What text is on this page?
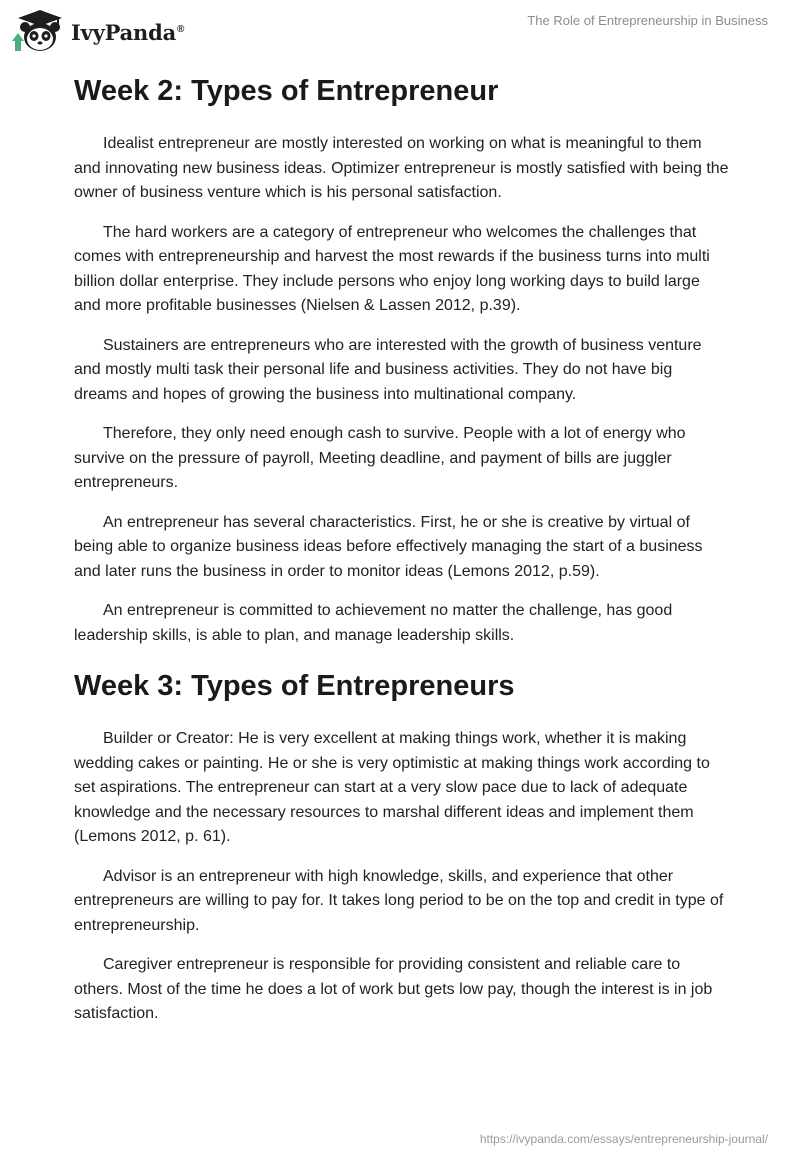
IvyPanda®
The Role of Entrepreneurship in Business
Week 2: Types of Entrepreneur

Idealist entrepreneur are mostly interested on working on what is meaningful to them and innovating new business ideas. Optimizer entrepreneur is mostly satisfied with being the owner of business venture which is his personal satisfaction.

The hard workers are a category of entrepreneur who welcomes the challenges that comes with entrepreneurship and harvest the most rewards if the business turns into multi billion dollar enterprise. They include persons who enjoy long working days to build large and more profitable businesses (Nielsen & Lassen 2012, p.39).

Sustainers are entrepreneurs who are interested with the growth of business venture and mostly multi task their personal life and business activities. They do not have big dreams and hopes of growing the business into multinational company.

Therefore, they only need enough cash to survive. People with a lot of energy who survive on the pressure of payroll, Meeting deadline, and payment of bills are juggler entrepreneurs.

An entrepreneur has several characteristics. First, he or she is creative by virtual of being able to organize business ideas before effectively managing the start of a business and later runs the business in order to monitor ideas (Lemons 2012, p.59).

An entrepreneur is committed to achievement no matter the challenge, has good leadership skills, is able to plan, and manage leadership skills.

Week 3: Types of Entrepreneurs

Builder or Creator: He is very excellent at making things work, whether it is making wedding cakes or painting. He or she is very optimistic at making things work according to set aspirations. The entrepreneur can start at a very slow pace due to lack of adequate knowledge and the necessary resources to marshal different ideas and implement them (Lemons 2012, p. 61).

Advisor is an entrepreneur with high knowledge, skills, and experience that other entrepreneurs are willing to pay for. It takes long period to be on the top and credit in type of entrepreneurship.

Caregiver entrepreneur is responsible for providing consistent and reliable care to others. Most of the time he does a lot of work but gets low pay, though the interest is in job satisfaction.

https://ivypanda.com/essays/entrepreneurship-journal/
